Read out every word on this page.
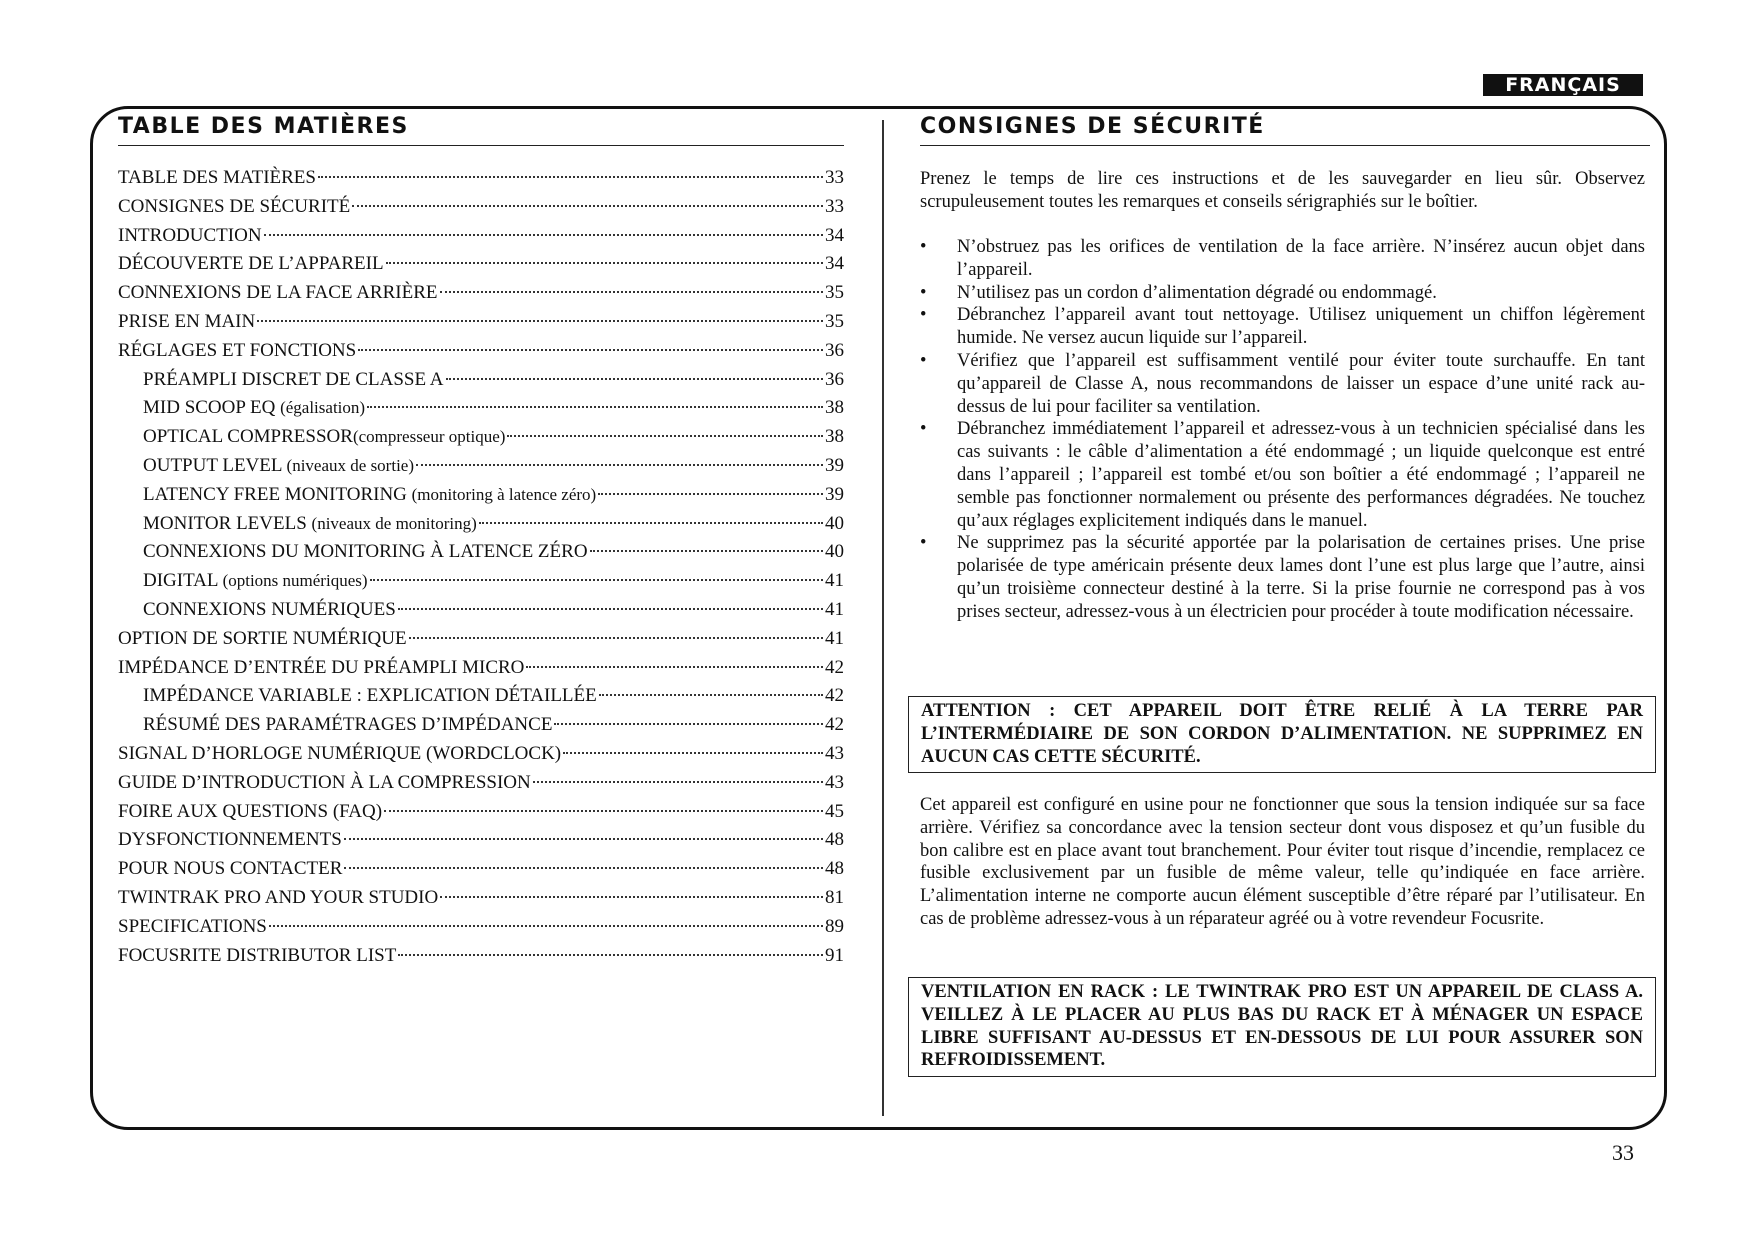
FRANÇAIS
TABLE DES MATIÈRES
TABLE DES MATIÈRES	33
CONSIGNES DE SÉCURITÉ	33
INTRODUCTION	34
DÉCOUVERTE DE L’APPAREIL	34
CONNEXIONS DE LA FACE ARRIÈRE	35
PRISE EN MAIN	35
RÉGLAGES ET FONCTIONS	36
PRÉAMPLI DISCRET DE CLASSE A	36
MID SCOOP EQ (égalisation)	38
OPTICAL COMPRESSOR(compresseur optique)	38
OUTPUT LEVEL (niveaux de sortie)	39
LATENCY FREE MONITORING (monitoring à latence zéro)	39
MONITOR LEVELS (niveaux de monitoring)	40
CONNEXIONS DU MONITORING À LATENCE ZÉRO	40
DIGITAL (options numériques)	41
CONNEXIONS NUMÉRIQUES	41
OPTION DE SORTIE NUMÉRIQUE	41
IMPÉDANCE D’ENTRÉE DU PRÉAMPLI MICRO	42
IMPÉDANCE VARIABLE : EXPLICATION DÉTAILLÉE	42
RÉSUMÉ DES PARAMÉTRAGES D’IMPÉDANCE	42
SIGNAL D’HORLOGE NUMÉRIQUE (WORDCLOCK)	43
GUIDE D’INTRODUCTION À LA COMPRESSION	43
FOIRE AUX QUESTIONS (FAQ)	45
DYSFONCTIONNEMENTS	48
POUR NOUS CONTACTER	48
TWINTRAK PRO AND YOUR STUDIO	81
SPECIFICATIONS	89
FOCUSRITE DISTRIBUTOR LIST	91
CONSIGNES DE SÉCURITÉ

Prenez le temps de lire ces instructions et de les sauvegarder en lieu sûr. Observez scrupuleusement toutes les remarques et conseils sérigraphiés sur le boîtier.

• N’obstruez pas les orifices de ventilation de la face arrière. N’insérez aucun objet dans l’appareil.
• N’utilisez pas un cordon d’alimentation dégradé ou endommagé.
• Débranchez l’appareil avant tout nettoyage. Utilisez uniquement un chiffon légèrement humide. Ne versez aucun liquide sur l’appareil.
• Vérifiez que l’appareil est suffisamment ventilé pour éviter toute surchauffe. En tant qu’appareil de Classe A, nous recommandons de laisser un espace d’une unité rack au-dessus de lui pour faciliter sa ventilation.
• Débranchez immédiatement l’appareil et adressez-vous à un technicien spécialisé dans les cas suivants : le câble d’alimentation a été endommagé ; un liquide quelconque est entré dans l’appareil ; l’appareil est tombé et/ou son boîtier a été endommagé ; l’appareil ne semble pas fonctionner normalement ou présente des performances dégradées. Ne touchez qu’aux réglages explicitement indiqués dans le manuel.
• Ne supprimez pas la sécurité apportée par la polarisation de certaines prises. Une prise polarisée de type américain présente deux lames dont l’une est plus large que l’autre, ainsi qu’un troisième connecteur destiné à la terre. Si la prise fournie ne correspond pas à vos prises secteur, adressez-vous à un électricien pour procéder à toute modification nécessaire.
ATTENTION : CET APPAREIL DOIT ÊTRE RELIÉ À LA TERRE PAR L’INTERMÉDIAIRE DE SON CORDON D’ALIMENTATION. NE SUPPRIMEZ EN AUCUN CAS CETTE SÉCURITÉ.

Cet appareil est configuré en usine pour ne fonctionner que sous la tension indiquée sur sa face arrière. Vérifiez sa concordance avec la tension secteur dont vous disposez et qu’un fusible du bon calibre est en place avant tout branchement. Pour éviter tout risque d’incendie, remplacez ce fusible exclusivement par un fusible de même valeur, telle qu’indiquée en face arrière. L’alimentation interne ne comporte aucun élément susceptible d’être réparé par l’utilisateur. En cas de problème adressez-vous à un réparateur agréé ou à votre revendeur Focusrite.

VENTILATION EN RACK : LE TWINTRAK PRO EST UN APPAREIL DE CLASS A. VEILLEZ À LE PLACER AU PLUS BAS DU RACK ET À MÉNAGER UN ESPACE LIBRE SUFFISANT AU-DESSUS ET EN-DESSOUS DE LUI POUR ASSURER SON REFROIDISSEMENT.
33
